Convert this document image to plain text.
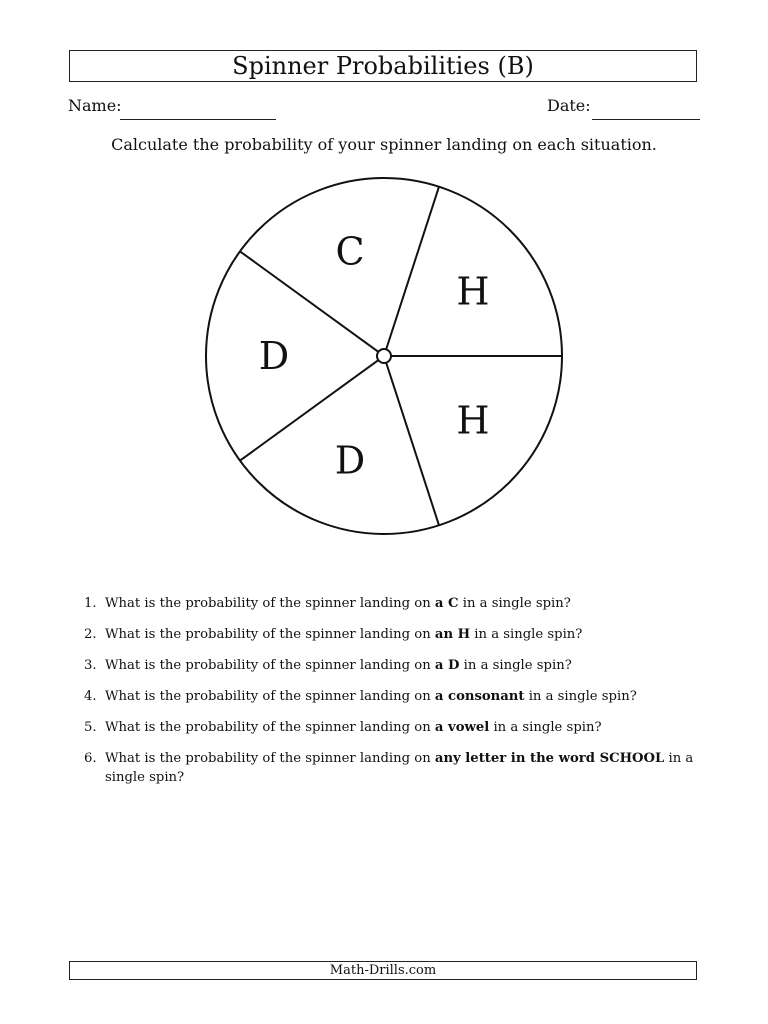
Spinner Probabilities (B)
Name:	Date:
Calculate the probability of your spinner landing on each situation.
C
H
H
D
D
1. What is the probability of the spinner landing on a C in a single spin?
2. What is the probability of the spinner landing on an H in a single spin?
3. What is the probability of the spinner landing on a D in a single spin?
4. What is the probability of the spinner landing on a consonant in a single spin?
5. What is the probability of the spinner landing on a vowel in a single spin?
6. What is the probability of the spinner landing on any letter in the word SCHOOL in a single spin?
Math-Drills.com
